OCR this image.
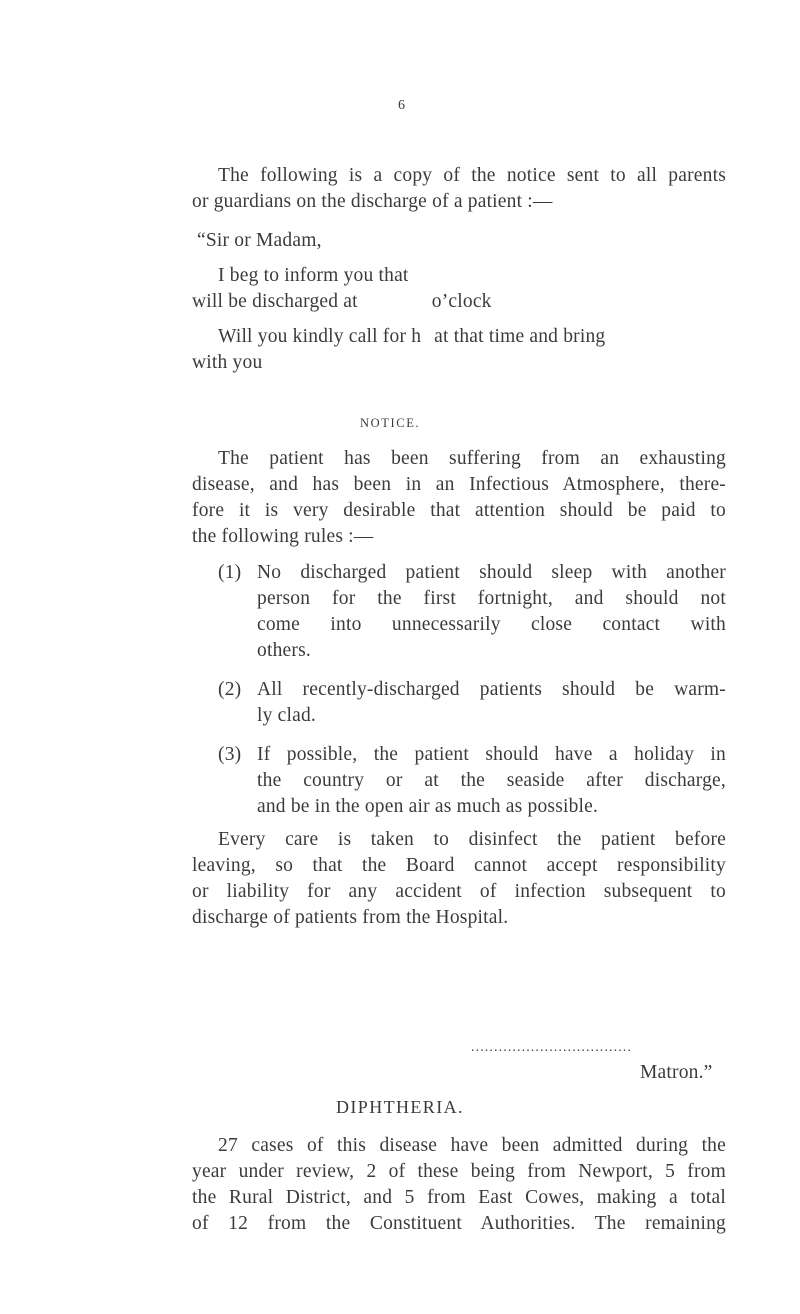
6
The following is a copy of the notice sent to all parents
or guardians on the discharge of a patient :—
“Sir or Madam,
I beg to inform you that
will be discharged at	o’clock
Will you kindly call for h at that time and bring
with you
NOTICE.
The patient has been suffering from an exhausting
disease, and has been in an Infectious Atmosphere, there-
fore it is very desirable that attention should be paid to
the following rules :—
(1) No discharged patient should sleep with another
person for the first fortnight, and should not
come into unnecessarily close contact with
others.
(2) All recently-discharged patients should be warm-
ly clad.
(3) If possible, the patient should have a holiday in
the country or at the seaside after discharge,
and be in the open air as much as possible.
Every care is taken to disinfect the patient before
leaving, so that the Board cannot accept responsibility
or liability for any accident of infection subsequent to
discharge of patients from the Hospital.
...................................
Matron.”
DIPHTHERIA.
27 cases of this disease have been admitted during the
year under review, 2 of these being from Newport, 5 from
the Rural District, and 5 from East Cowes, making a total
of 12 from the Constituent Authorities. The remaining
